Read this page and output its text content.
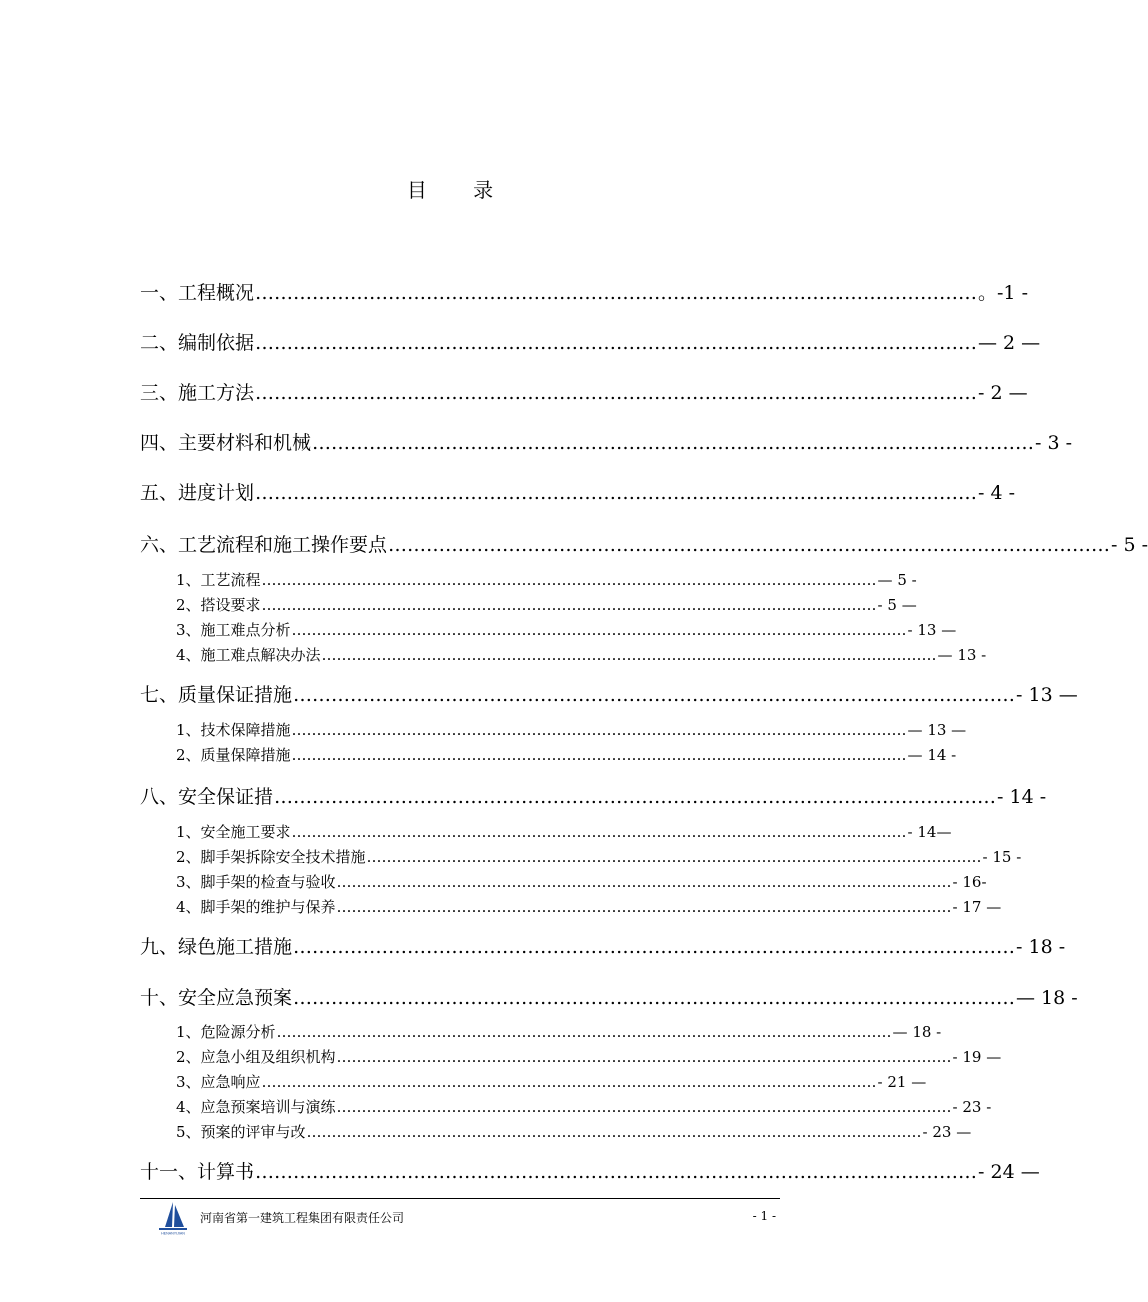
目 录
一、工程概况 …………………………………………………………………………………………………… 。-1 -
二、编制依据 …………………………………………………………………………………………………… — 2 —
三、施工方法 …………………………………………………………………………………………………… - 2 —
四、主要材料和机械 …………………………………………………………………………………………………… - 3 -
五、进度计划 …………………………………………………………………………………………………… - 4 -
六、工艺流程和施工操作要点 …………………………………………………………………………………………………… - 5 -
1、工艺流程 …………………………………………………………………………………………………………… — 5 -
2、搭设要求 …………………………………………………………………………………………………………… - 5 —
3、施工难点分析 …………………………………………………………………………………………………………… - 13 —
4、施工难点解决办法 …………………………………………………………………………………………………………… — 13 -
七、质量保证措施 …………………………………………………………………………………………………… - 13 —
1、技术保障措施 …………………………………………………………………………………………………………… — 13 —
2、质量保障措施 …………………………………………………………………………………………………………… — 14 -
八、安全保证措 …………………………………………………………………………………………………… - 14 -
1、安全施工要求 …………………………………………………………………………………………………………… - 14—
2、脚手架拆除安全技术措施 …………………………………………………………………………………………………………… - 15 -
3、脚手架的检查与验收 …………………………………………………………………………………………………………… - 16-
4、脚手架的维护与保养 …………………………………………………………………………………………………………… - 17 —
九、绿色施工措施 …………………………………………………………………………………………………… - 18 -
十、安全应急预案 …………………………………………………………………………………………………… — 18 -
1、危险源分析 …………………………………………………………………………………………………………… — 18 -
2、应急小组及组织机构 …………………………………………………………………………………………………………… - 19 —
3、应急响应 …………………………………………………………………………………………………………… - 21 —
4、应急预案培训与演练 …………………………………………………………………………………………………………… - 23 -
5、预案的评审与改 …………………………………………………………………………………………………………… - 23 —
十一、计算书 …………………………………………………………………………………………………… - 24 —
HENANYIJIAN
河南省第一建筑工程集团有限责任公司	- 1 -
